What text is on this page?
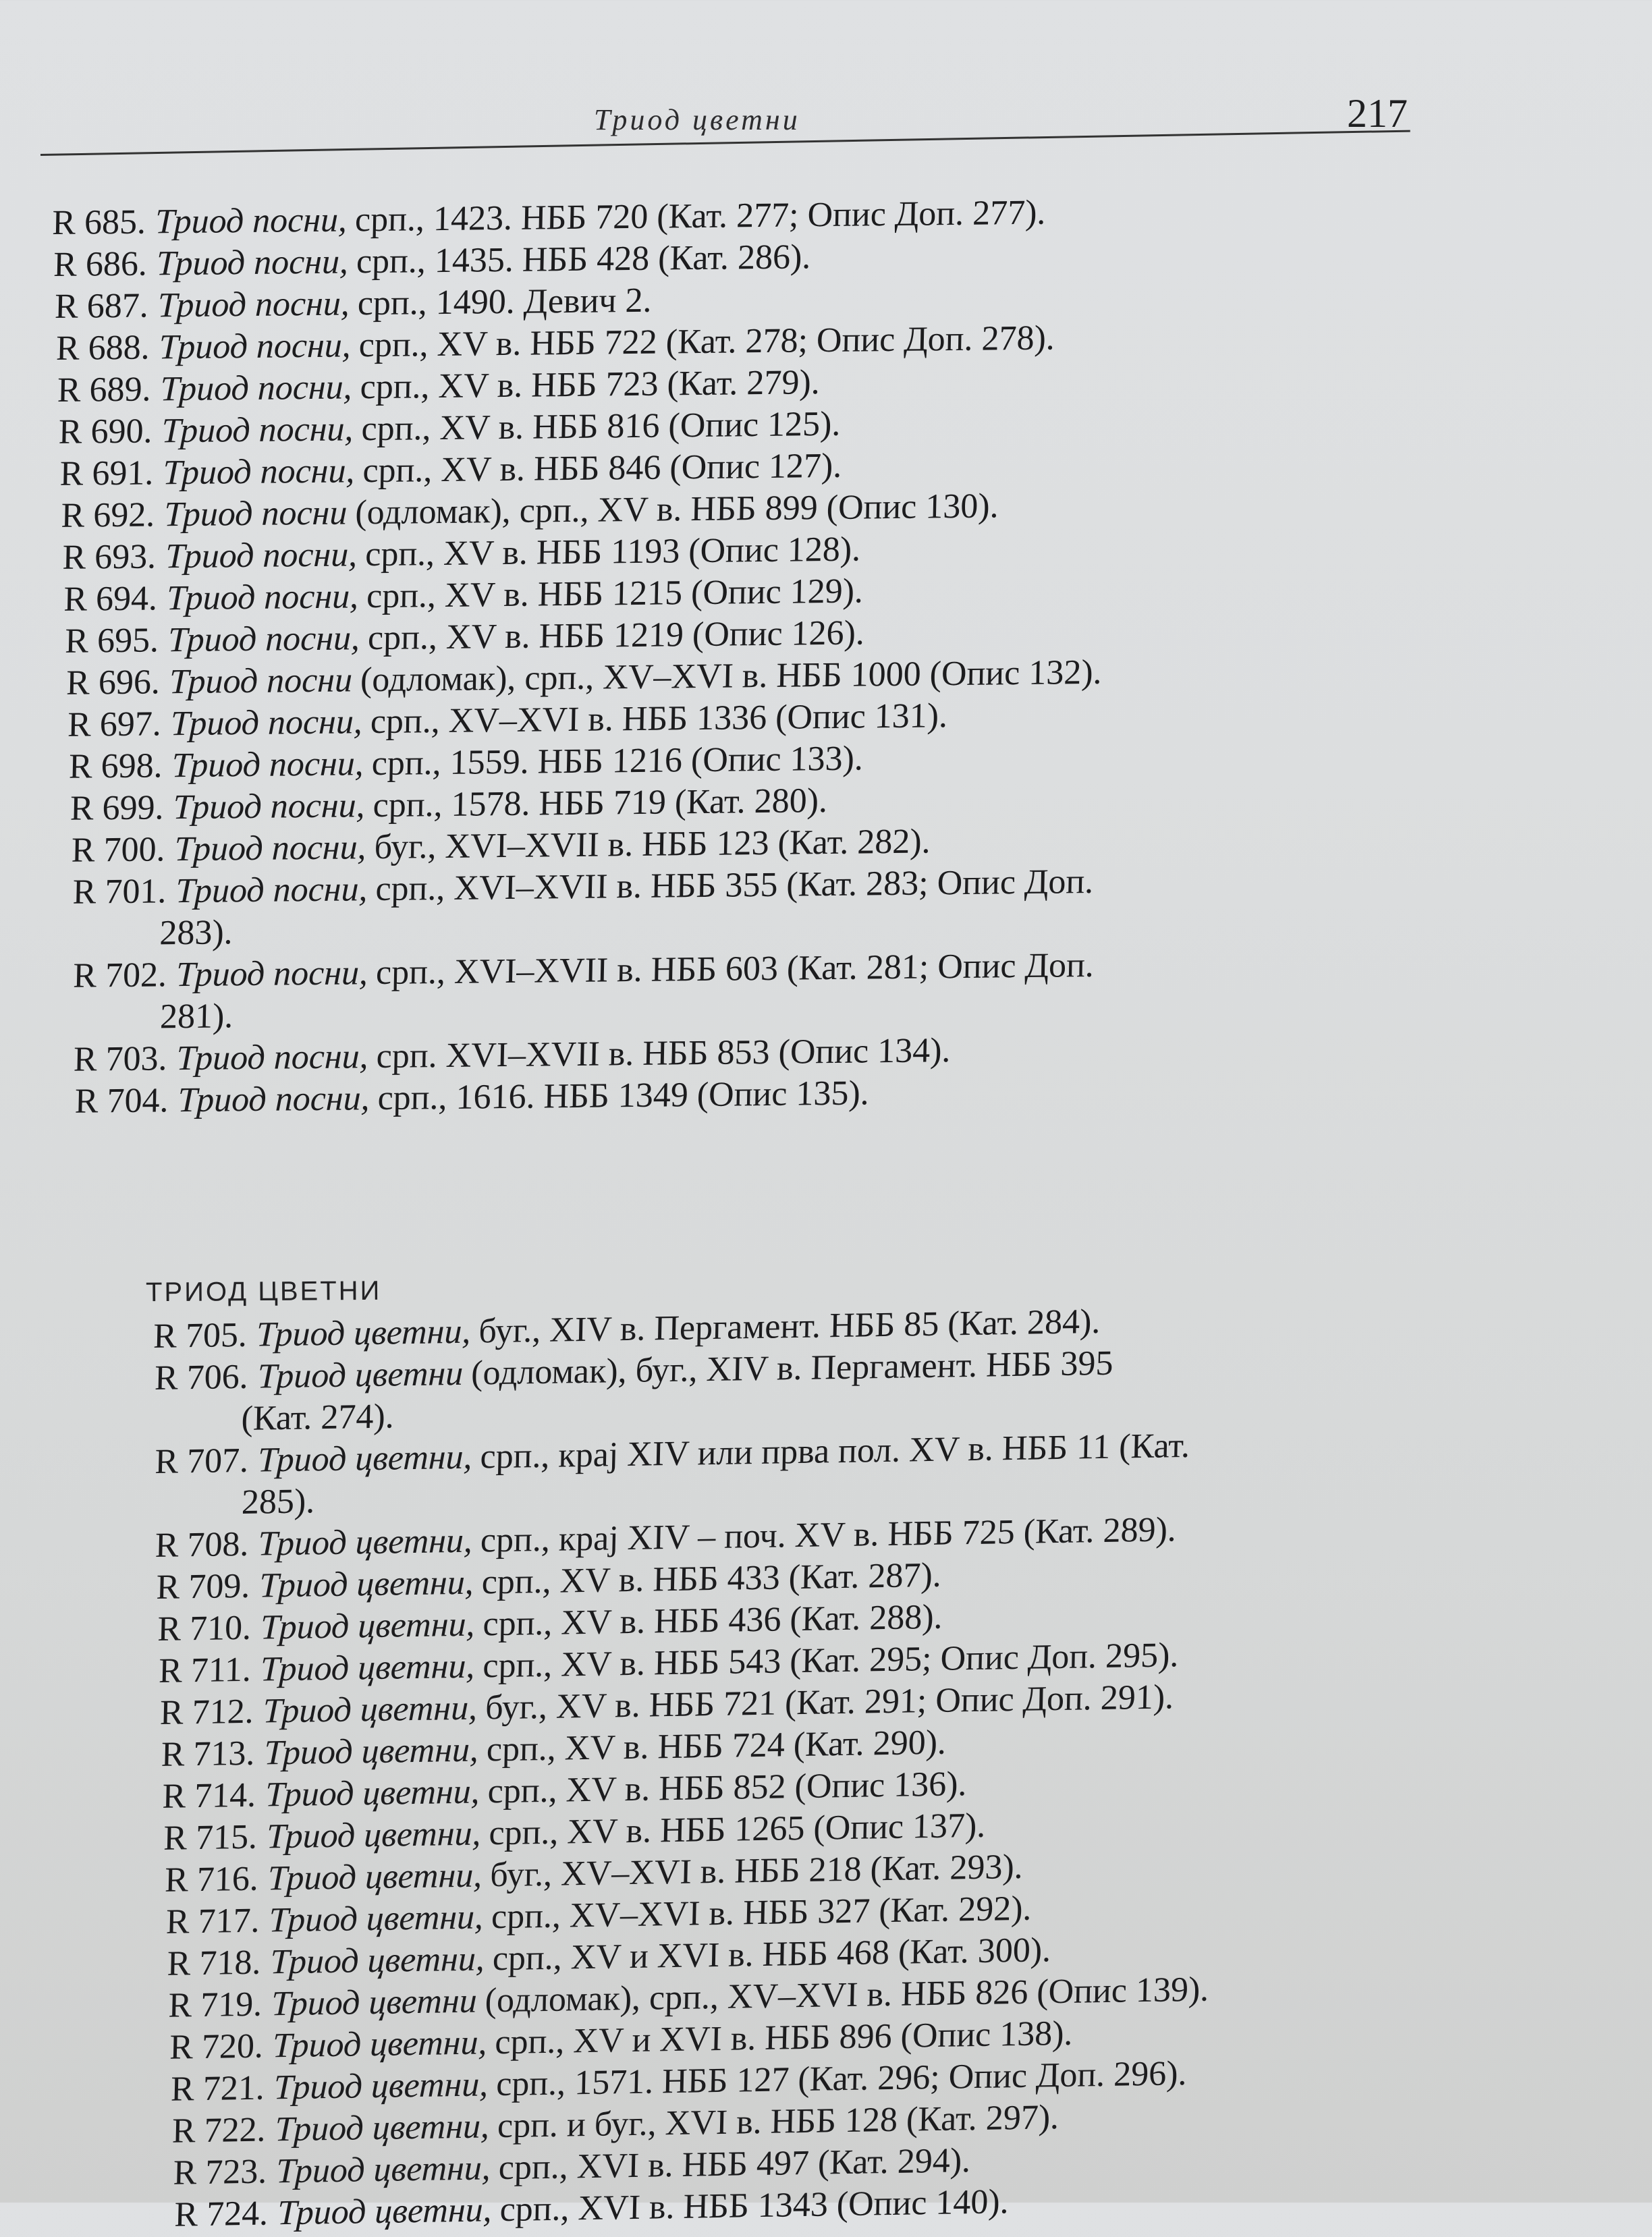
Триод цветни	217
R 685. Триод посни, срп., 1423. НББ 720 (Кат. 277; Опис Доп. 277).
R 686. Триод посни, срп., 1435. НББ 428 (Кат. 286).
R 687. Триод посни, срп., 1490. Девич 2.
R 688. Триод посни, срп., XV в. НББ 722 (Кат. 278; Опис Доп. 278).
R 689. Триод посни, срп., XV в. НББ 723 (Кат. 279).
R 690. Триод посни, срп., XV в. НББ 816 (Опис 125).
R 691. Триод посни, срп., XV в. НББ 846 (Опис 127).
R 692. Триод посни (одломак), срп., XV в. НББ 899 (Опис 130).
R 693. Триод посни, срп., XV в. НББ 1193 (Опис 128).
R 694. Триод посни, срп., XV в. НББ 1215 (Опис 129).
R 695. Триод посни, срп., XV в. НББ 1219 (Опис 126).
R 696. Триод посни (одломак), срп., XV–XVI в. НББ 1000 (Опис 132).
R 697. Триод посни, срп., XV–XVI в. НББ 1336 (Опис 131).
R 698. Триод посни, срп., 1559. НББ 1216 (Опис 133).
R 699. Триод посни, срп., 1578. НББ 719 (Кат. 280).
R 700. Триод посни, буг., XVI–XVII в. НББ 123 (Кат. 282).
R 701. Триод посни, срп., XVI–XVII в. НББ 355 (Кат. 283; Опис Доп.
283).
R 702. Триод посни, срп., XVI–XVII в. НББ 603 (Кат. 281; Опис Доп.
281).
R 703. Триод посни, срп. XVI–XVII в. НББ 853 (Опис 134).
R 704. Триод посни, срп., 1616. НББ 1349 (Опис 135).
ТРИОД ЦВЕТНИ
R 705. Триод цветни, буг., XIV в. Пергамент. НББ 85 (Кат. 284).
R 706. Триод цветни (одломак), буг., XIV в. Пергамент. НББ 395
(Кат. 274).
R 707. Триод цветни, срп., крај XIV или прва пол. XV в. НББ 11 (Кат.
285).
R 708. Триод цветни, срп., крај XIV – поч. XV в. НББ 725 (Кат. 289).
R 709. Триод цветни, срп., XV в. НББ 433 (Кат. 287).
R 710. Триод цветни, срп., XV в. НББ 436 (Кат. 288).
R 711. Триод цветни, срп., XV в. НББ 543 (Кат. 295; Опис Доп. 295).
R 712. Триод цветни, буг., XV в. НББ 721 (Кат. 291; Опис Доп. 291).
R 713. Триод цветни, срп., XV в. НББ 724 (Кат. 290).
R 714. Триод цветни, срп., XV в. НББ 852 (Опис 136).
R 715. Триод цветни, срп., XV в. НББ 1265 (Опис 137).
R 716. Триод цветни, буг., XV–XVI в. НББ 218 (Кат. 293).
R 717. Триод цветни, срп., XV–XVI в. НББ 327 (Кат. 292).
R 718. Триод цветни, срп., XV и XVI в. НББ 468 (Кат. 300).
R 719. Триод цветни (одломак), срп., XV–XVI в. НББ 826 (Опис 139).
R 720. Триод цветни, срп., XV и XVI в. НББ 896 (Опис 138).
R 721. Триод цветни, срп., 1571. НББ 127 (Кат. 296; Опис Доп. 296).
R 722. Триод цветни, срп. и буг., XVI в. НББ 128 (Кат. 297).
R 723. Триод цветни, срп., XVI в. НББ 497 (Кат. 294).
R 724. Триод цветни, срп., XVI в. НББ 1343 (Опис 140).
